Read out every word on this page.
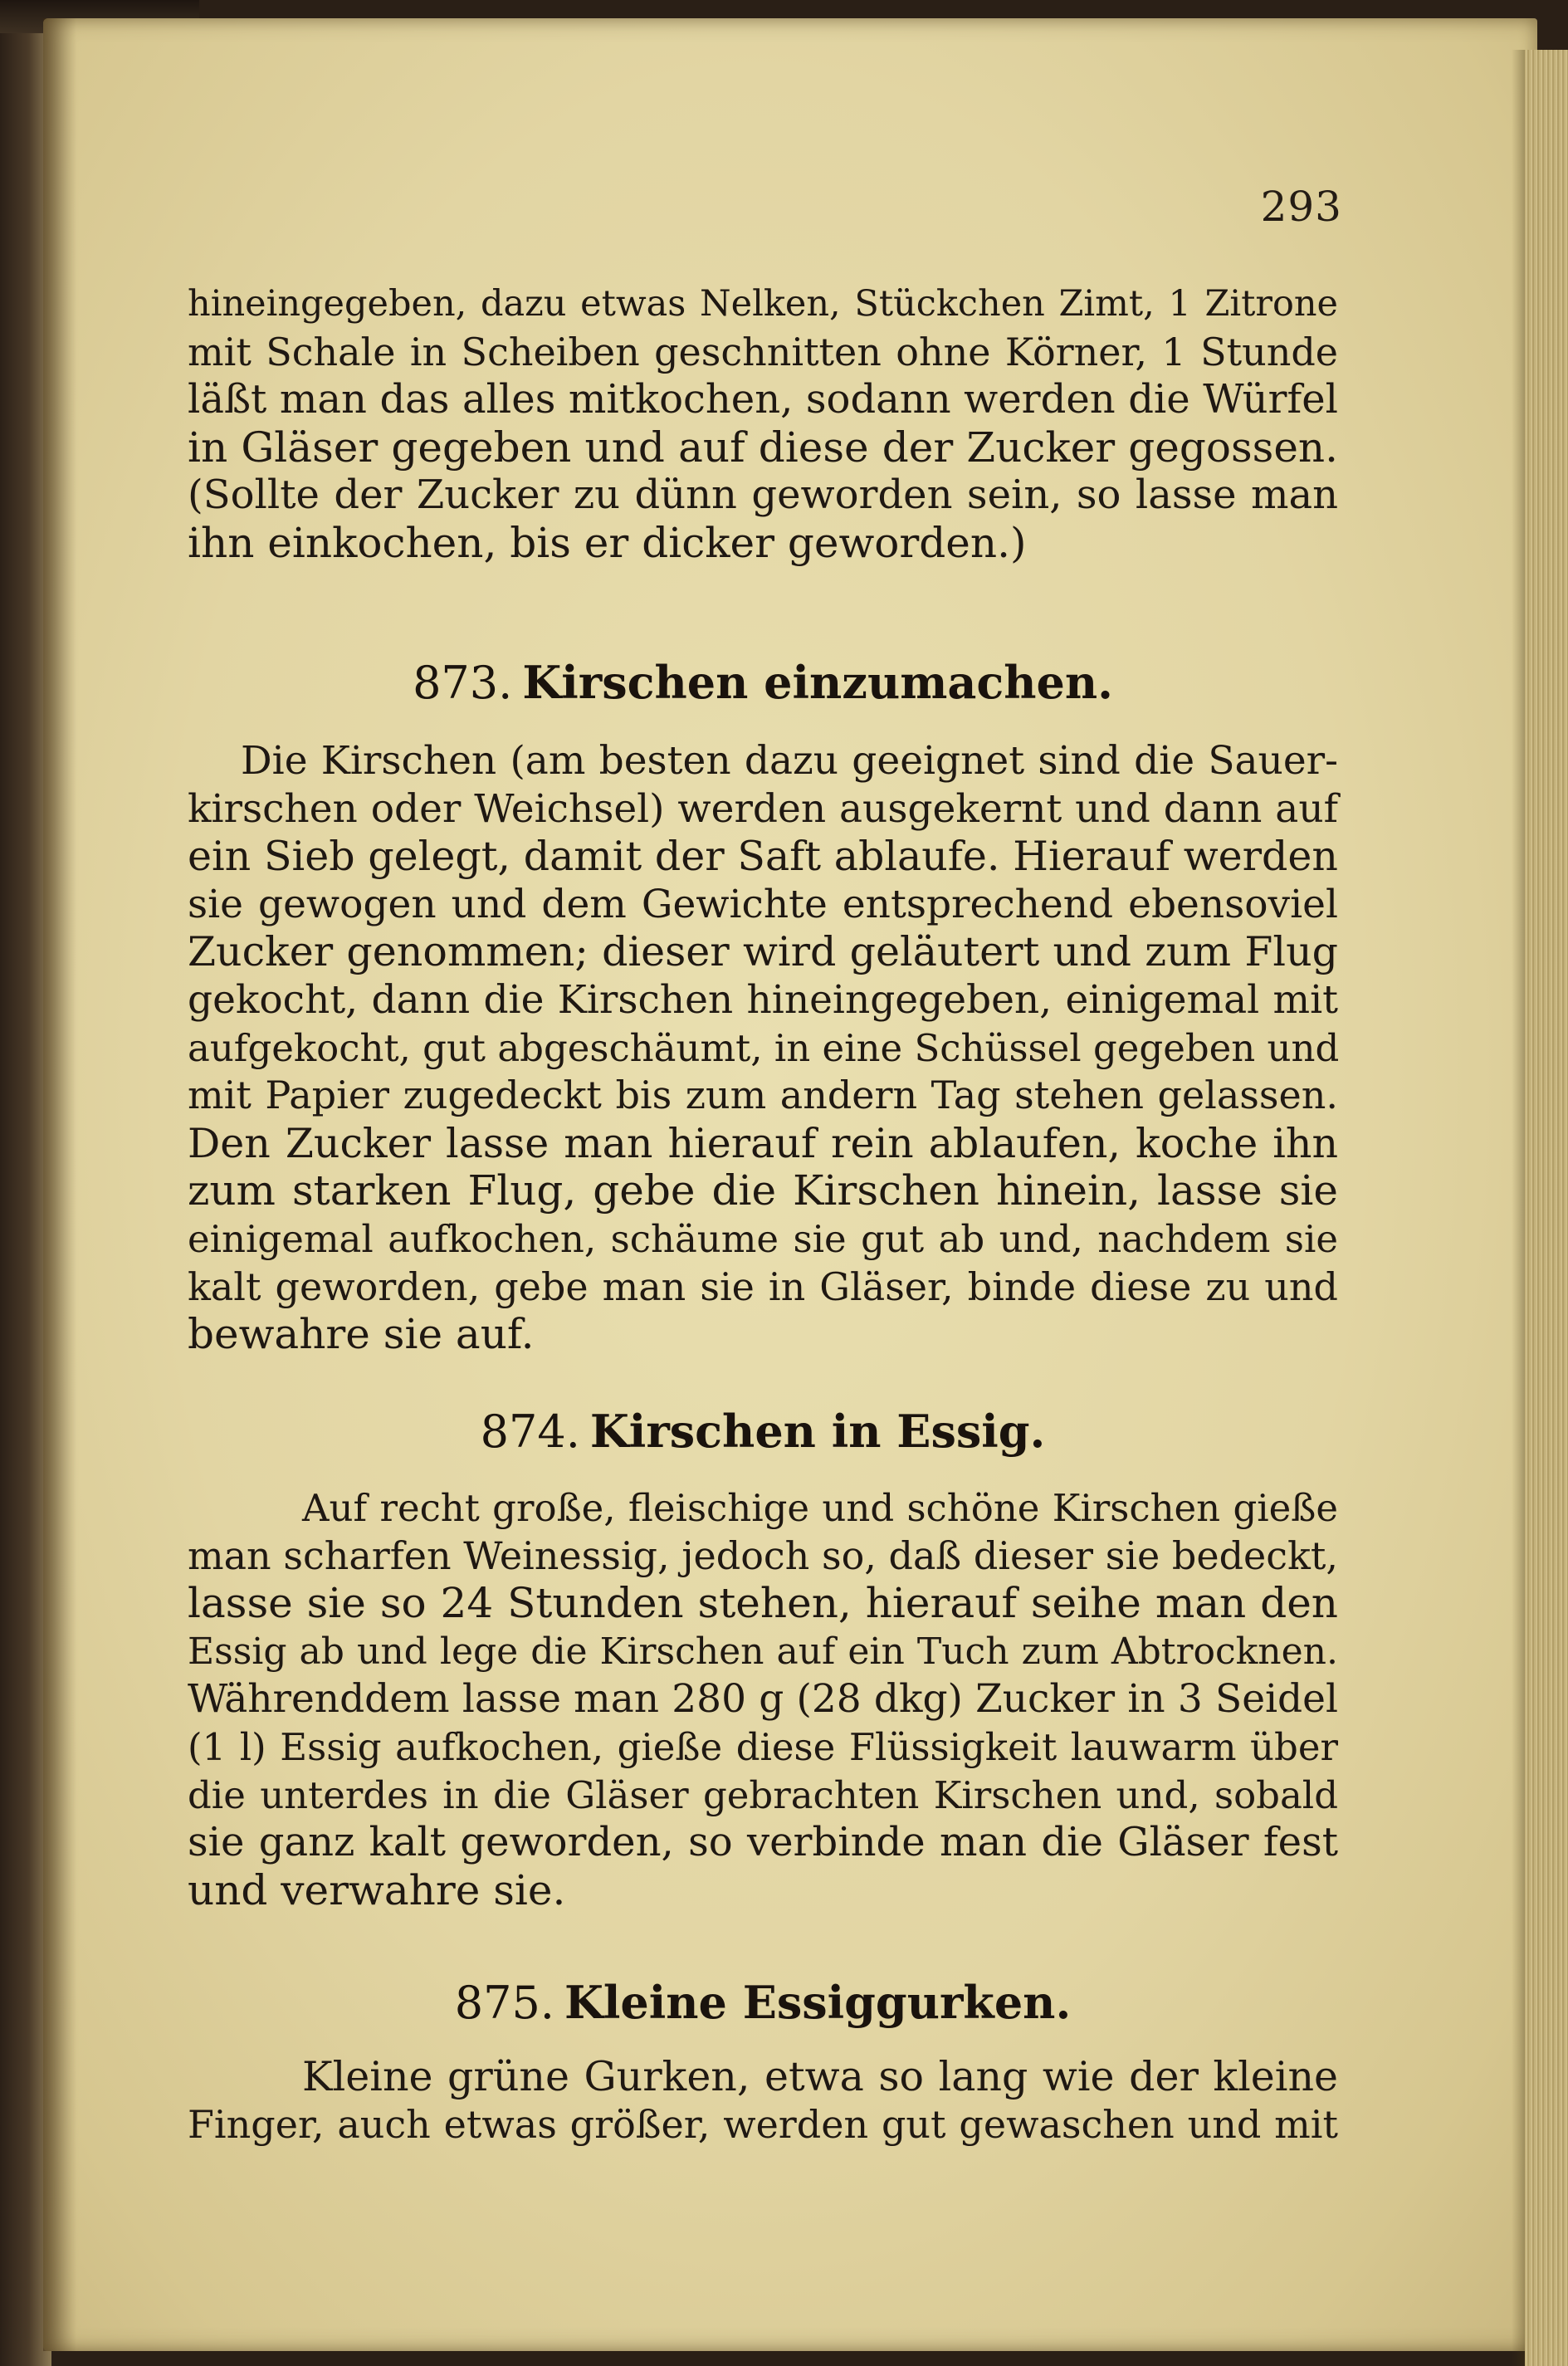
293

hineingegeben, dazu etwas Nelken, Stückchen Zimt, 1 Zitrone
mit Schale in Scheiben geschnitten ohne Körner, 1 Stunde
läßt man das alles mitkochen, sodann werden die Würfel
in Gläser gegeben und auf diese der Zucker gegossen.
(Sollte der Zucker zu dünn geworden sein, so lasse man
ihn einkochen, bis er dicker geworden.)

873. Kirschen einzumachen.

Die Kirschen (am besten dazu geeignet sind die Sauer-
kirschen oder Weichsel) werden ausgekernt und dann auf
ein Sieb gelegt, damit der Saft ablaufe. Hierauf werden
sie gewogen und dem Gewichte entsprechend ebensoviel
Zucker genommen; dieser wird geläutert und zum Flug
gekocht, dann die Kirschen hineingegeben, einigemal mit
aufgekocht, gut abgeschäumt, in eine Schüssel gegeben und
mit Papier zugedeckt bis zum andern Tag stehen gelassen.
Den Zucker lasse man hierauf rein ablaufen, koche ihn
zum starken Flug, gebe die Kirschen hinein, lasse sie
einigemal aufkochen, schäume sie gut ab und, nachdem sie
kalt geworden, gebe man sie in Gläser, binde diese zu und
bewahre sie auf.

874. Kirschen in Essig.

Auf recht große, fleischige und schöne Kirschen gieße
man scharfen Weinessig, jedoch so, daß dieser sie bedeckt,
lasse sie so 24 Stunden stehen, hierauf seihe man den
Essig ab und lege die Kirschen auf ein Tuch zum Abtrocknen.
Währenddem lasse man 280 g (28 dkg) Zucker in 3 Seidel
(1 l) Essig aufkochen, gieße diese Flüssigkeit lauwarm über
die unterdes in die Gläser gebrachten Kirschen und, sobald
sie ganz kalt geworden, so verbinde man die Gläser fest
und verwahre sie.

875. Kleine Essiggurken.

Kleine grüne Gurken, etwa so lang wie der kleine
Finger, auch etwas größer, werden gut gewaschen und mit
